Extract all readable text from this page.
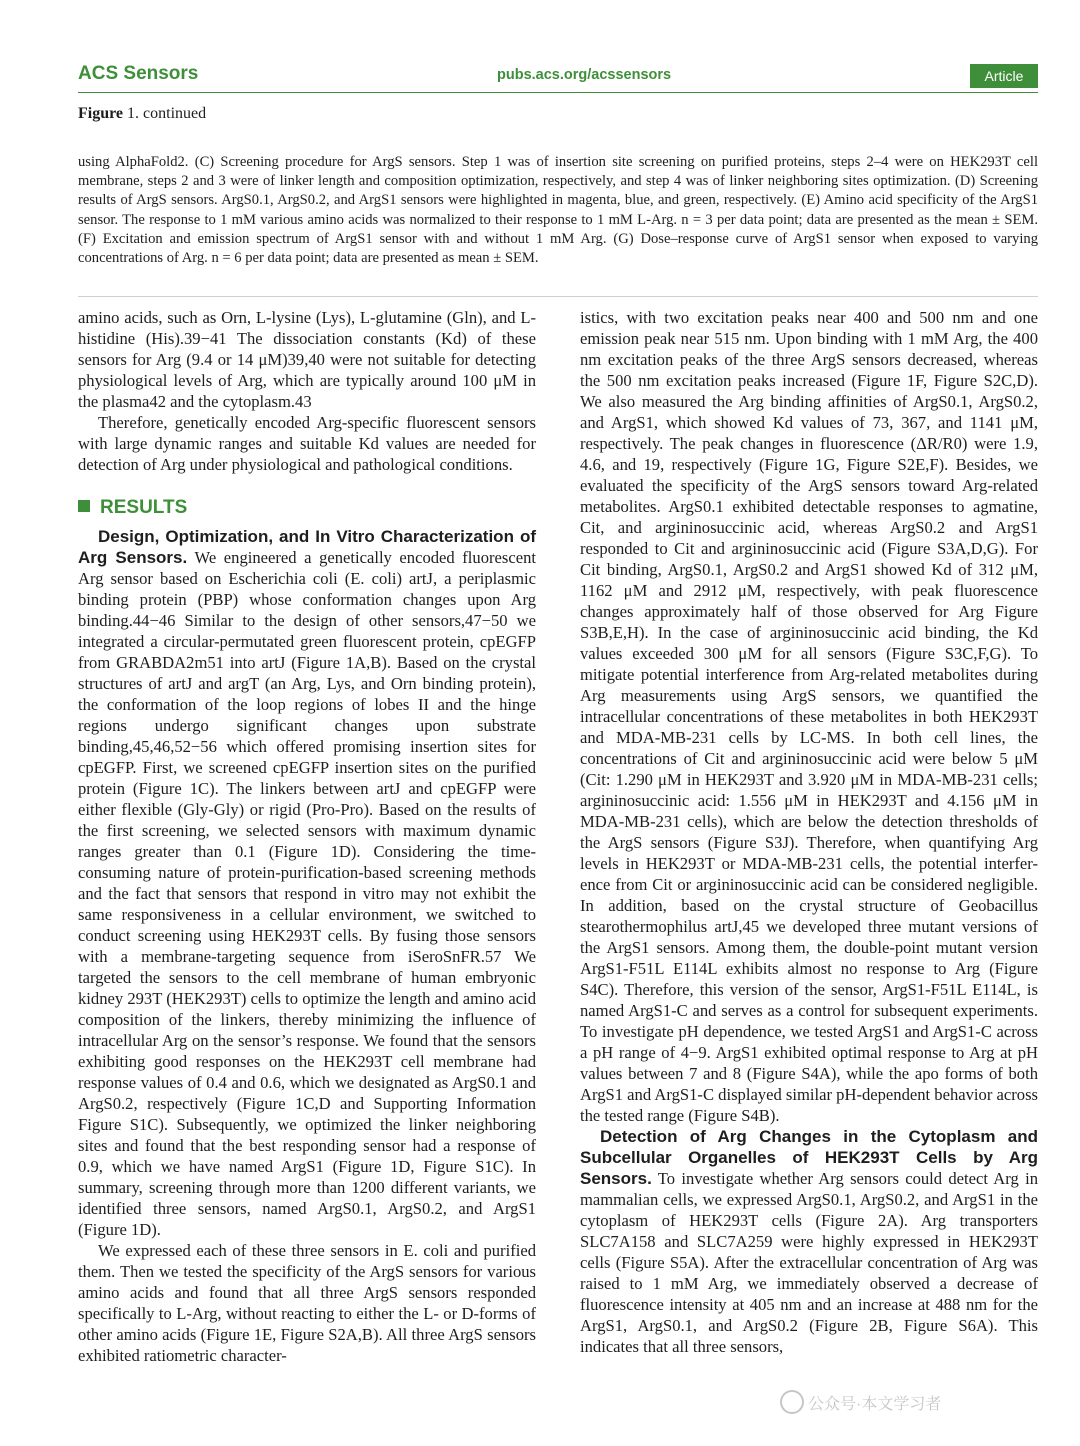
ACS Sensors	pubs.acs.org/acssensors	Article
Figure 1. continued
using AlphaFold2. (C) Screening procedure for ArgS sensors. Step 1 was of insertion site screening on purified proteins, steps 2–4 were on HEK293T cell membrane, steps 2 and 3 were of linker length and composition optimization, respectively, and step 4 was of linker neighboring sites optimization. (D) Screening results of ArgS sensors. ArgS0.1, ArgS0.2, and ArgS1 sensors were highlighted in magenta, blue, and green, respectively. (E) Amino acid specificity of the ArgS1 sensor. The response to 1 mM various amino acids was normalized to their response to 1 mM L-Arg. n = 3 per data point; data are presented as the mean ± SEM. (F) Excitation and emission spectrum of ArgS1 sensor with and without 1 mM Arg. (G) Dose–response curve of ArgS1 sensor when exposed to varying concentrations of Arg. n = 6 per data point; data are presented as mean ± SEM.

amino acids, such as Orn, L-lysine (Lys), L-glutamine (Gln), and L-histidine (His).39−41 The dissociation constants (Kd) of these sensors for Arg (9.4 or 14 μM)39,40 were not suitable for detecting physiological levels of Arg, which are typically around 100 μM in the plasma42 and the cytoplasm.43

Therefore, genetically encoded Arg-specific fluorescent sensors with large dynamic ranges and suitable Kd values are needed for detection of Arg under physiological and pathological conditions.

RESULTS

Design, Optimization, and In Vitro Characterization of Arg Sensors. We engineered a genetically encoded fluorescent Arg sensor based on Escherichia coli (E. coli) artJ, a periplasmic binding protein (PBP) whose conformation changes upon Arg binding.44−46 Similar to the design of other sensors,47−50 we integrated a circular-permutated green fluorescent protein, cpEGFP from GRABDA2m51 into artJ (Figure 1A,B). Based on the crystal structures of artJ and argT (an Arg, Lys, and Orn binding protein), the conformation of the loop regions of lobes II and the hinge regions undergo significant changes upon substrate binding,45,46,52−56 which offered promising insertion sites for cpEGFP. First, we screened cpEGFP insertion sites on the purified protein (Figure 1C). The linkers between artJ and cpEGFP were either flexible (Gly-Gly) or rigid (Pro-Pro). Based on the results of the first screening, we selected sensors with maximum dynamic ranges greater than 0.1 (Figure 1D). Considering the time-consuming nature of protein-purification-based screening methods and the fact that sensors that respond in vitro may not exhibit the same responsiveness in a cellular environment, we switched to conduct screening using HEK293T cells. By fusing those sensors with a membrane-targeting sequence from iSeroSnFR.57 We targeted the sensors to the cell membrane of human embryonic kidney 293T (HEK293T) cells to optimize the length and amino acid composition of the linkers, thereby minimizing the influence of intracellular Arg on the sensor’s response. We found that the sensors exhibiting good responses on the HEK293T cell membrane had response values of 0.4 and 0.6, which we designated as ArgS0.1 and ArgS0.2, respectively (Figure 1C,D and Supporting Information Figure S1C). Subsequently, we optimized the linker neighboring sites and found that the best responding sensor had a response of 0.9, which we have named ArgS1 (Figure 1D, Figure S1C). In summary, screening through more than 1200 different variants, we identified three sensors, named ArgS0.1, ArgS0.2, and ArgS1 (Figure 1D).

We expressed each of these three sensors in E. coli and purified them. Then we tested the specificity of the ArgS sensors for various amino acids and found that all three ArgS sensors responded specifically to L-Arg, without reacting to either the L- or D-forms of other amino acids (Figure 1E, Figure S2A,B). All three ArgS sensors exhibited ratiometric character-

istics, with two excitation peaks near 400 and 500 nm and one emission peak near 515 nm. Upon binding with 1 mM Arg, the 400 nm excitation peaks of the three ArgS sensors decreased, whereas the 500 nm excitation peaks increased (Figure 1F, Figure S2C,D). We also measured the Arg binding affinities of ArgS0.1, ArgS0.2, and ArgS1, which showed Kd values of 73, 367, and 1141 μM, respectively. The peak changes in fluorescence (ΔR/R0) were 1.9, 4.6, and 19, respectively (Figure 1G, Figure S2E,F). Besides, we evaluated the specificity of the ArgS sensors toward Arg-related metabolites. ArgS0.1 exhibited detectable responses to agmatine, Cit, and argininosuccinic acid, whereas ArgS0.2 and ArgS1 responded to Cit and argininosuccinic acid (Figure S3A,D,G). For Cit binding, ArgS0.1, ArgS0.2 and ArgS1 showed Kd of 312 μM, 1162 μM and 2912 μM, respectively, with peak fluorescence changes approximately half of those observed for Arg Figure S3B,E,H). In the case of argininosuccinic acid binding, the Kd values exceeded 300 μM for all sensors (Figure S3C,F,G). To mitigate potential interference from Arg-related metabolites during Arg measurements using ArgS sensors, we quantified the intracellular concentrations of these metabolites in both HEK293T and MDA-MB-231 cells by LC-MS. In both cell lines, the concentrations of Cit and argininosuccinic acid were below 5 μM (Cit: 1.290 μM in HEK293T and 3.920 μM in MDA-MB-231 cells; argininosuccinic acid: 1.556 μM in HEK293T and 4.156 μM in MDA-MB-231 cells), which are below the detection thresholds of the ArgS sensors (Figure S3J). Therefore, when quantifying Arg levels in HEK293T or MDA-MB-231 cells, the potential interfer-ence from Cit or argininosuccinic acid can be considered negligible. In addition, based on the crystal structure of Geobacillus stearothermophilus artJ,45 we developed three mutant versions of the ArgS1 sensors. Among them, the double-point mutant version ArgS1-F51L E114L exhibits almost no response to Arg (Figure S4C). Therefore, this version of the sensor, ArgS1-F51L E114L, is named ArgS1-C and serves as a control for subsequent experiments. To investigate pH dependence, we tested ArgS1 and ArgS1-C across a pH range of 4−9. ArgS1 exhibited optimal response to Arg at pH values between 7 and 8 (Figure S4A), while the apo forms of both ArgS1 and ArgS1-C displayed similar pH-dependent behavior across the tested range (Figure S4B).

Detection of Arg Changes in the Cytoplasm and Subcellular Organelles of HEK293T Cells by Arg Sensors. To investigate whether Arg sensors could detect Arg in mammalian cells, we expressed ArgS0.1, ArgS0.2, and ArgS1 in the cytoplasm of HEK293T cells (Figure 2A). Arg transporters SLC7A158 and SLC7A259 were highly expressed in HEK293T cells (Figure S5A). After the extracellular concentration of Arg was raised to 1 mM Arg, we immediately observed a decrease of fluorescence intensity at 405 nm and an increase at 488 nm for the ArgS1, ArgS0.1, and ArgS0.2 (Figure 2B, Figure S6A). This indicates that all three sensors,

公众号·本文学习者
